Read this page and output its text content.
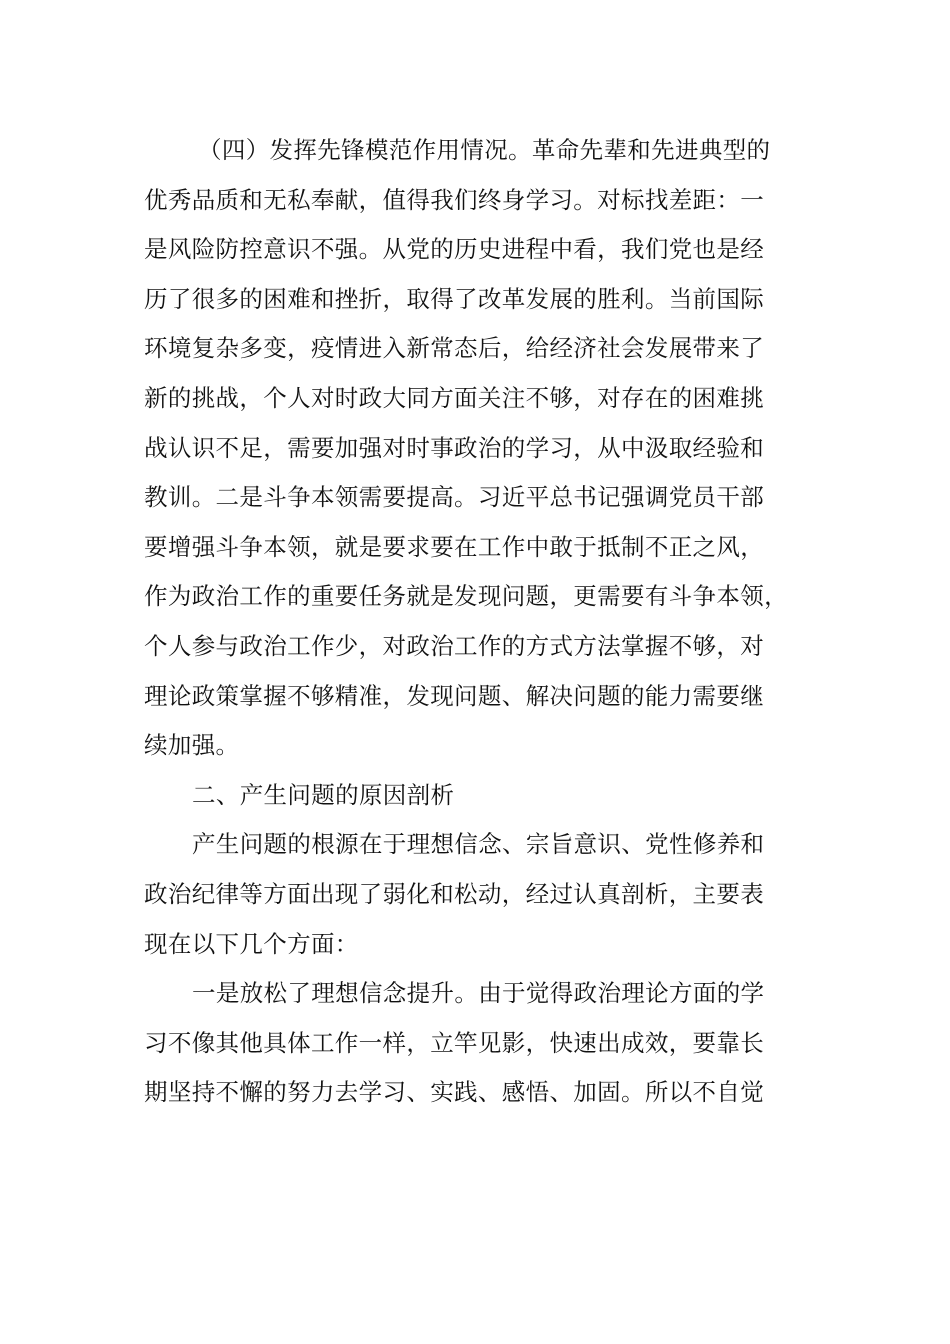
（四）发挥先锋模范作用情况。革命先辈和先进典型的
优秀品质和无私奉献，值得我们终身学习。对标找差距：一
是风险防控意识不强。从党的历史进程中看，我们党也是经
历了很多的困难和挫折，取得了改革发展的胜利。当前国际
环境复杂多变，疫情进入新常态后，给经济社会发展带来了
新的挑战，个人对时政大同方面关注不够，对存在的困难挑
战认识不足，需要加强对时事政治的学习，从中汲取经验和
教训。二是斗争本领需要提高。习近平总书记强调党员干部
要增强斗争本领，就是要求要在工作中敢于抵制不正之风，
作为政治工作的重要任务就是发现问题，更需要有斗争本领，
个人参与政治工作少，对政治工作的方式方法掌握不够，对
理论政策掌握不够精准，发现问题、解决问题的能力需要继
续加强。
二、产生问题的原因剖析
产生问题的根源在于理想信念、宗旨意识、党性修养和
政治纪律等方面出现了弱化和松动，经过认真剖析，主要表
现在以下几个方面：
一是放松了理想信念提升。由于觉得政治理论方面的学
习不像其他具体工作一样，立竿见影，快速出成效，要靠长
期坚持不懈的努力去学习、实践、感悟、加固。所以不自觉
